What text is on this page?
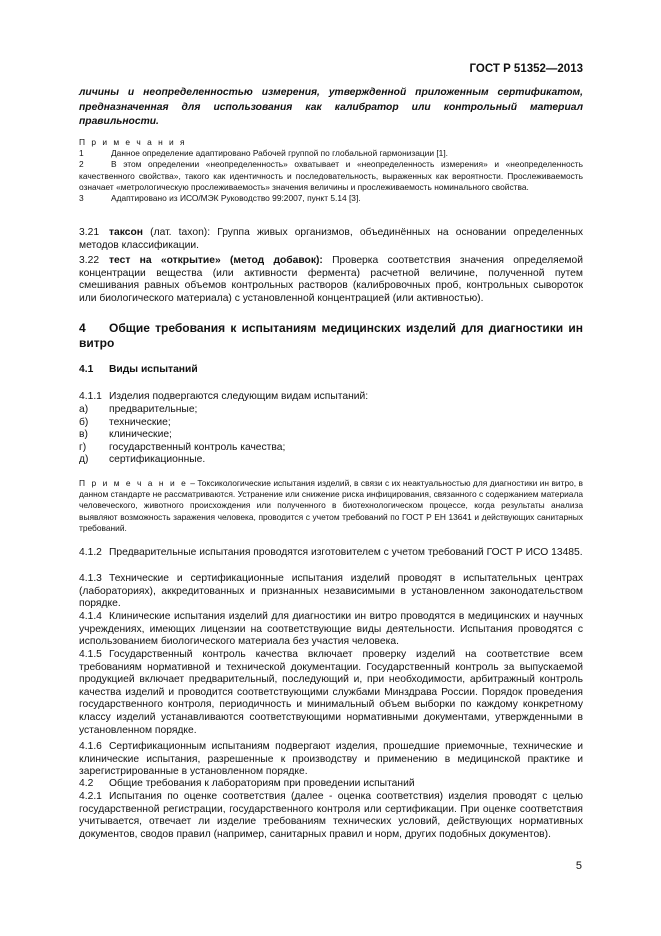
ГОСТ Р 51352—2013
личины и неопределенностью измерения, утвержденной приложенным сертификатом, предназначенная для использования как калибратор или контрольный материал правильности.
П р и м е ч а н и я
1	Данное определение адаптировано Рабочей группой по глобальной гармонизации [1].
2	В этом определении «неопределенность» охватывает и «неопределенность измерения» и «неопределенность качественного свойства», такого как идентичность и последовательность, выраженных как вероятности. Прослеживаемость означает «метрологическую прослеживаемость» значения величины и прослеживаемость номинального свойства.
3	Адаптировано из ИСО/МЭК Руководство 99:2007, пункт 5.14 [3].
3.21 таксон (лат. taxon): Группа живых организмов, объединённых на основании определенных методов классификации.
3.22 тест на «открытие» (метод добавок): Проверка соответствия значения определяемой концентрации вещества (или активности фермента) расчетной величине, полученной путем смешивания равных объемов контрольных растворов (калибровочных проб, контрольных сывороток или биологического материала) с установленной концентрацией (или активностью).
4 Общие требования к испытаниям медицинских изделий для диагностики ин витро
4.1 Виды испытаний
4.1.1 Изделия подвергаются следующим видам испытаний:
а) предварительные;
б) технические;
в) клинические;
г) государственный контроль качества;
д) сертификационные.
П р и м е ч а н и е – Токсикологические испытания изделий, в связи с их неактуальностью для диагностики ин витро, в данном стандарте не рассматриваются. Устранение или снижение риска инфицирования, связанного с содержанием материала человеческого, животного происхождения или полученного в биотехнологическом процессе, когда результаты анализа выявляют возможность заражения человека, проводится с учетом требований по ГОСТ Р ЕН 13641 и действующих санитарных требований.
4.1.2 Предварительные испытания проводятся изготовителем с учетом требований ГОСТ Р ИСО 13485.
4.1.3 Технические и сертификационные испытания изделий проводят в испытательных центрах (лабораториях), аккредитованных и признанных независимыми в установленном законодательством порядке.
4.1.4 Клинические испытания изделий для диагностики ин витро проводятся в медицинских и научных учреждениях, имеющих лицензии на соответствующие виды деятельности. Испытания проводятся с использованием биологического материала без участия человека.
4.1.5 Государственный контроль качества включает проверку изделий на соответствие всем требованиям нормативной и технической документации. Государственный контроль за выпускаемой продукцией включает предварительный, последующий и, при необходимости, арбитражный контроль качества изделий и проводится соответствующими службами Минздрава России. Порядок проведения государственного контроля, периодичность и минимальный объем выборки по каждому конкретному классу изделий устанавливаются соответствующими нормативными документами, утвержденными в установленном порядке.
4.1.6 Сертификационным испытаниям подвергают изделия, прошедшие приемочные, технические и клинические испытания, разрешенные к производству и применению в медицинской практике и зарегистрированные в установленном порядке.
4.2 Общие требования к лабораториям при проведении испытаний
4.2.1 Испытания по оценке соответствия (далее - оценка соответствия) изделия проводят с целью государственной регистрации, государственного контроля или сертификации. При оценке соответствия учитывается, отвечает ли изделие требованиям технических условий, действующих нормативных документов, сводов правил (например, санитарных правил и норм, других подобных документов).
5
